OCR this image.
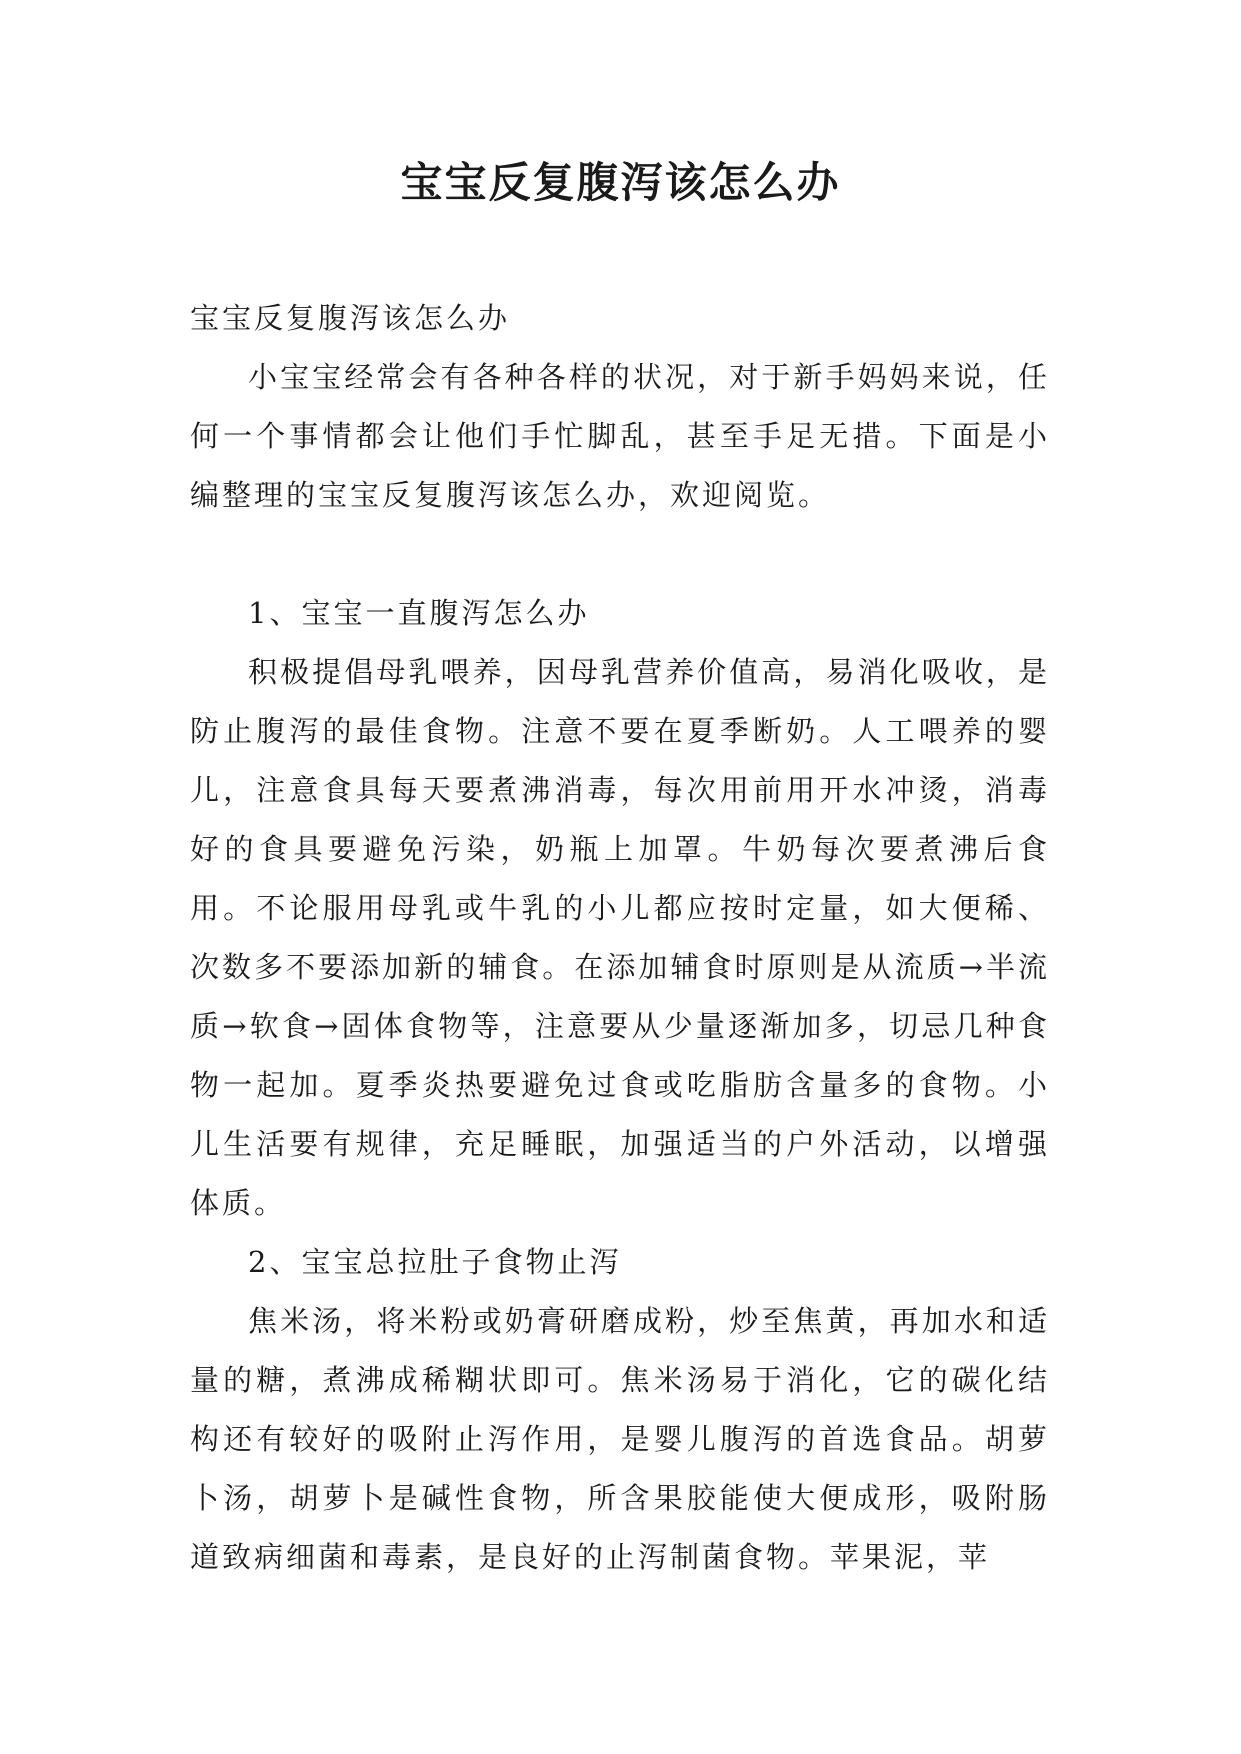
宝宝反复腹泻该怎么办

宝宝反复腹泻该怎么办

小宝宝经常会有各种各样的状况，对于新手妈妈来说，任何一个事情都会让他们手忙脚乱，甚至手足无措。下面是小编整理的宝宝反复腹泻该怎么办，欢迎阅览。

1、宝宝一直腹泻怎么办

积极提倡母乳喂养，因母乳营养价值高，易消化吸收，是防止腹泻的最佳食物。注意不要在夏季断奶。人工喂养的婴儿，注意食具每天要煮沸消毒，每次用前用开水冲烫，消毒好的食具要避免污染，奶瓶上加罩。牛奶每次要煮沸后食用。不论服用母乳或牛乳的小儿都应按时定量，如大便稀、次数多不要添加新的辅食。在添加辅食时原则是从流质→半流质→软食→固体食物等，注意要从少量逐渐加多，切忌几种食物一起加。夏季炎热要避免过食或吃脂肪含量多的食物。小儿生活要有规律，充足睡眠，加强适当的户外活动，以增强体质。

2、宝宝总拉肚子食物止泻

焦米汤，将米粉或奶膏研磨成粉，炒至焦黄，再加水和适量的糖，煮沸成稀糊状即可。焦米汤易于消化，它的碳化结构还有较好的吸附止泻作用，是婴儿腹泻的首选食品。胡萝卜汤，胡萝卜是碱性食物，所含果胶能使大便成形，吸附肠道致病细菌和毒素，是良好的止泻制菌食物。苹果泥，苹
